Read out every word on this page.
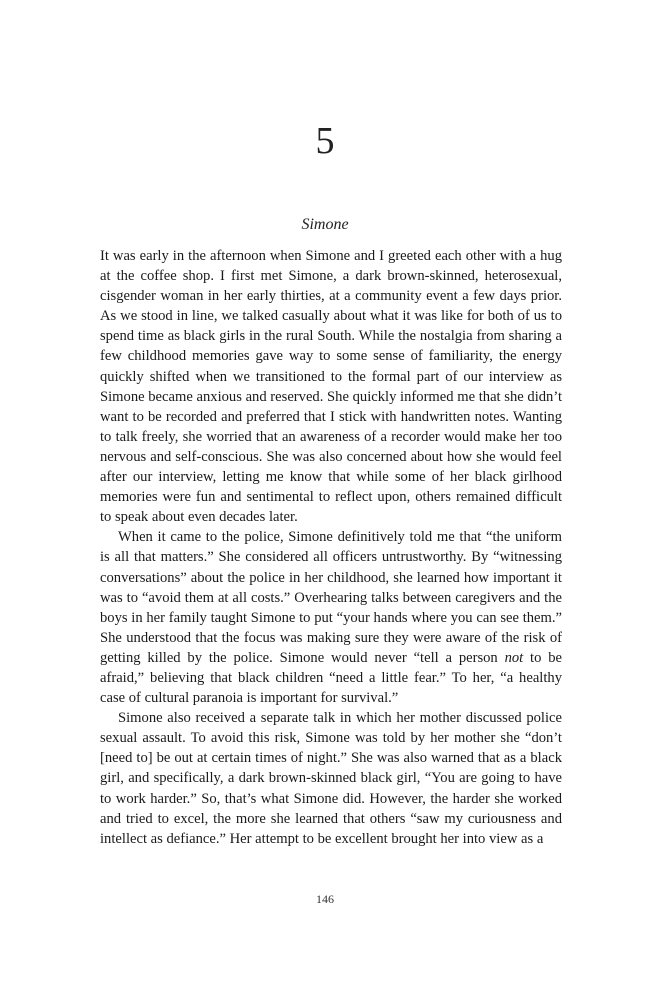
5
Simone

It was early in the afternoon when Simone and I greeted each other with a hug at the coffee shop. I first met Simone, a dark brown-skinned, heterosexual, cisgender woman in her early thirties, at a community event a few days prior. As we stood in line, we talked casually about what it was like for both of us to spend time as black girls in the rural South. While the nostalgia from sharing a few childhood memories gave way to some sense of familiarity, the energy quickly shifted when we transitioned to the formal part of our interview as Simone became anxious and reserved. She quickly informed me that she didn’t want to be recorded and preferred that I stick with handwritten notes. Wanting to talk freely, she worried that an awareness of a recorder would make her too nervous and self-conscious. She was also concerned about how she would feel after our interview, letting me know that while some of her black girlhood memories were fun and sentimental to reflect upon, others remained difficult to speak about even decades later.

When it came to the police, Simone definitively told me that “the uniform is all that matters.” She considered all officers untrustworthy. By “witnessing conversations” about the police in her childhood, she learned how important it was to “avoid them at all costs.” Overhearing talks between caregivers and the boys in her family taught Simone to put “your hands where you can see them.” She understood that the focus was making sure they were aware of the risk of getting killed by the police. Simone would never “tell a person not to be afraid,” believing that black children “need a little fear.” To her, “a healthy case of cultural paranoia is important for survival.”

Simone also received a separate talk in which her mother discussed police sexual assault. To avoid this risk, Simone was told by her mother she “don’t [need to] be out at certain times of night.” She was also warned that as a black girl, and specifically, a dark brown-skinned black girl, “You are going to have to work harder.” So, that’s what Simone did. However, the harder she worked and tried to excel, the more she learned that others “saw my curiousness and intellect as defiance.” Her attempt to be excellent brought her into view as a

146
